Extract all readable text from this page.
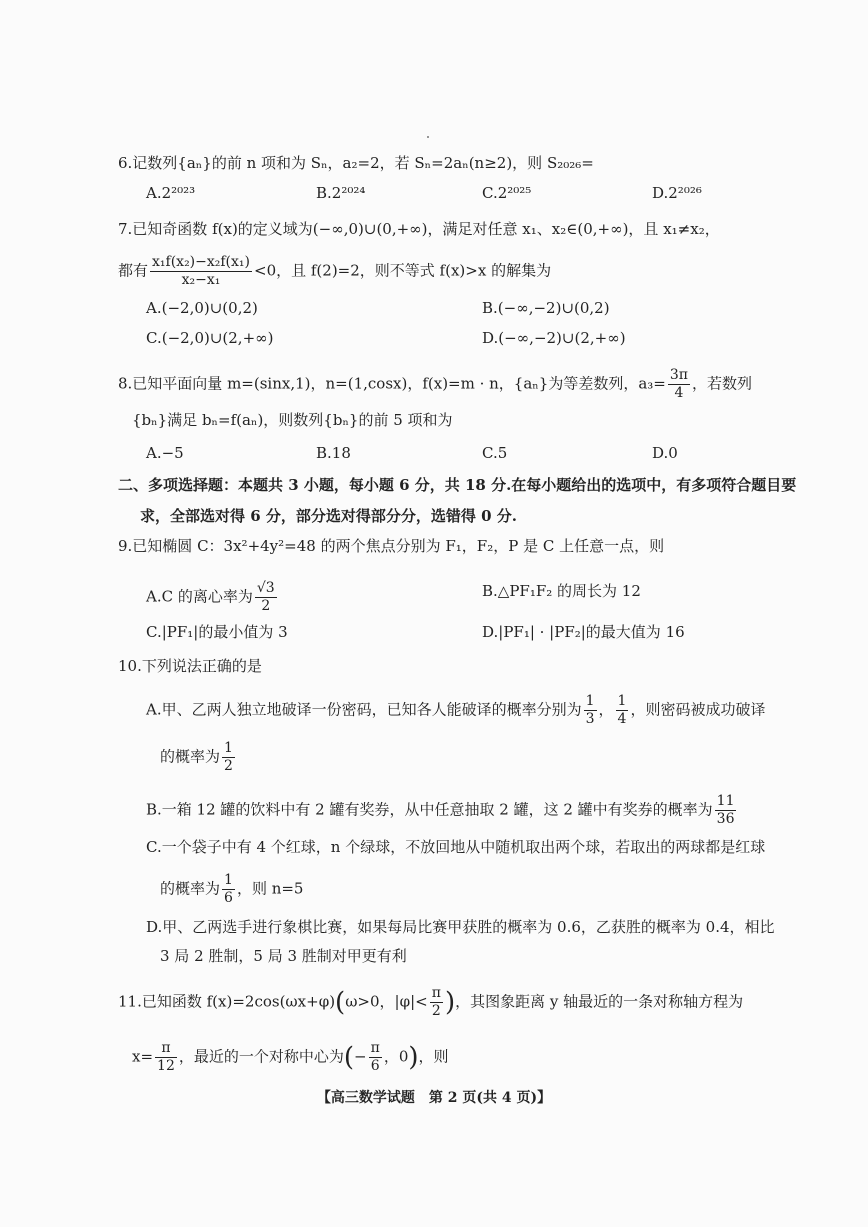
6.记数列{aₙ}的前 n 项和为 Sₙ，a₂=2，若 Sₙ=2aₙ(n≥2)，则 S₂₀₂₆=
A.2²⁰²³	B.2²⁰²⁴	C.2²⁰²⁵	D.2²⁰²⁶
7.已知奇函数 f(x)的定义域为(−∞,0)∪(0,+∞)，满足对任意 x₁、x₂∈(0,+∞)，且 x₁≠x₂，
都有 $\frac{\text{x₁f(x₂)−x₂f(x₁)}}{\text{x₂−x₁}} <0$，且 f(2)=2，则不等式 f(x)>x 的解集为
A.(−2,0)∪(0,2)	B.(−∞,−2)∪(0,2)
C.(−2,0)∪(2,+∞)	D.(−∞,−2)∪(2,+∞)
8.已知平面向量 m=(sinx,1)，n=(1,cosx)，f(x)=m · n，{aₙ}为等差数列，$a_3= \frac{3\pi}{4}$ ，若数列
{bₙ}满足 bₙ=f(aₙ)，则数列{bₙ}的前 5 项和为
A.−5	B.18	C.5	D.0
二、多项选择题：本题共 3 小题，每小题 6 分，共 18 分.在每小题给出的选项中，有多项符合题目要
求，全部选对得 6 分，部分选对得部分分，选错得 0 分.
9.已知椭圆 C：3x²+4y²=48 的两个焦点分别为 F₁，F₂，P 是 C 上任意一点，则
A.C 的离心率为 $\frac{√3}{2}$	B.△PF₁F₂ 的周长为 12
C.|PF₁|的最小值为 3	D.|PF₁| · |PF₂|的最大值为 16
10.下列说法正确的是
A.甲、乙两人独立地破译一份密码，已知各人能破译的概率分别为 $\frac{1}{3}$ ， $\frac{1}{4}$ ，则密码被成功破译
的概率为 $\frac{1}{2}$
B.一箱 12 罐的饮料中有 2 罐有奖券，从中任意抽取 2 罐，这 2 罐中有奖券的概率为 $\frac{11}{36}$
C.一个袋子中有 4 个红球，n 个绿球，不放回地从中随机取出两个球，若取出的两球都是红球
的概率为 $\frac{1}{6}$ ，则 n=5
D.甲、乙两选手进行象棋比赛，如果每局比赛甲获胜的概率为 0.6，乙获胜的概率为 0.4，相比
3 局 2 胜制，5 局 3 胜制对甲更有利
11.已知函数 f(x)=2cos(ωx+φ)(ω>0，$|\varphi|< \frac{\pi}{2}$ )，其图象距离 y 轴最近的一条对称轴方程为
$x= \frac{\pi}{12}$ ，最近的一个对称中心为(− $\frac{\pi}{6}$ ，0)，则
【高三数学试题　第 2 页(共 4 页)】
